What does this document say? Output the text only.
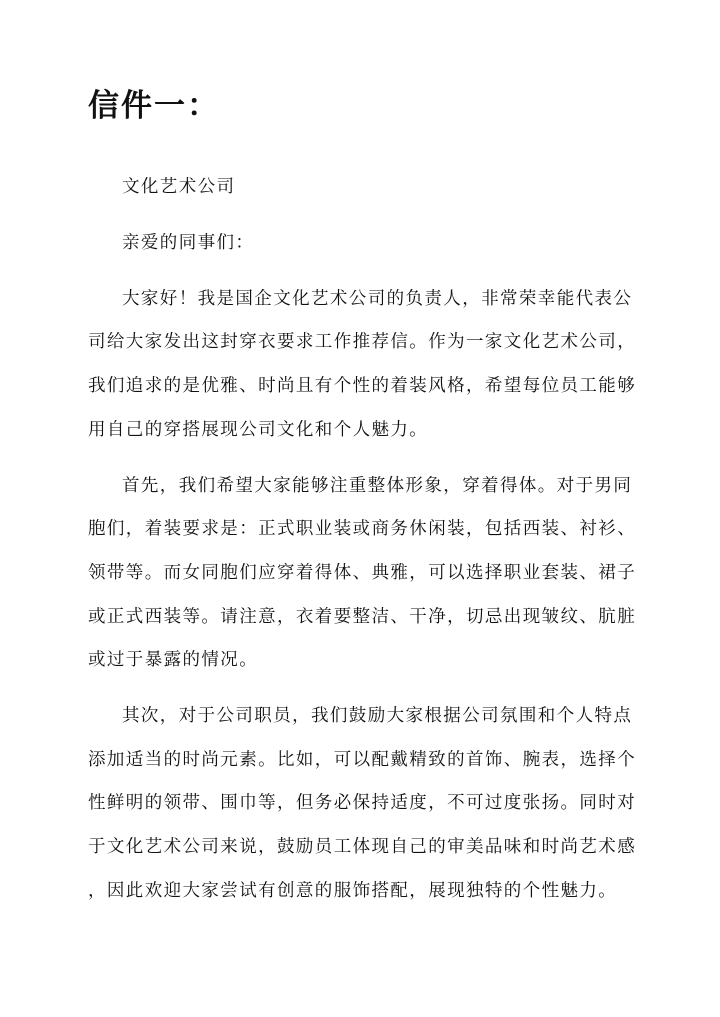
信件一：

文化艺术公司

亲爱的同事们：

大家好！我是国企文化艺术公司的负责人，非常荣幸能代表公

司给大家发出这封穿衣要求工作推荐信。作为一家文化艺术公司，

我们追求的是优雅、时尚且有个性的着装风格，希望每位员工能够

用自己的穿搭展现公司文化和个人魅力。

首先，我们希望大家能够注重整体形象，穿着得体。对于男同

胞们，着装要求是：正式职业装或商务休闲装，包括西装、衬衫、

领带等。而女同胞们应穿着得体、典雅，可以选择职业套装、裙子

或正式西装等。请注意，衣着要整洁、干净，切忌出现皱纹、肮脏

或过于暴露的情况。

其次，对于公司职员，我们鼓励大家根据公司氛围和个人特点

添加适当的时尚元素。比如，可以配戴精致的首饰、腕表，选择个

性鲜明的领带、围巾等，但务必保持适度，不可过度张扬。同时对

于文化艺术公司来说，鼓励员工体现自己的审美品味和时尚艺术感

，因此欢迎大家尝试有创意的服饰搭配，展现独特的个性魅力。
